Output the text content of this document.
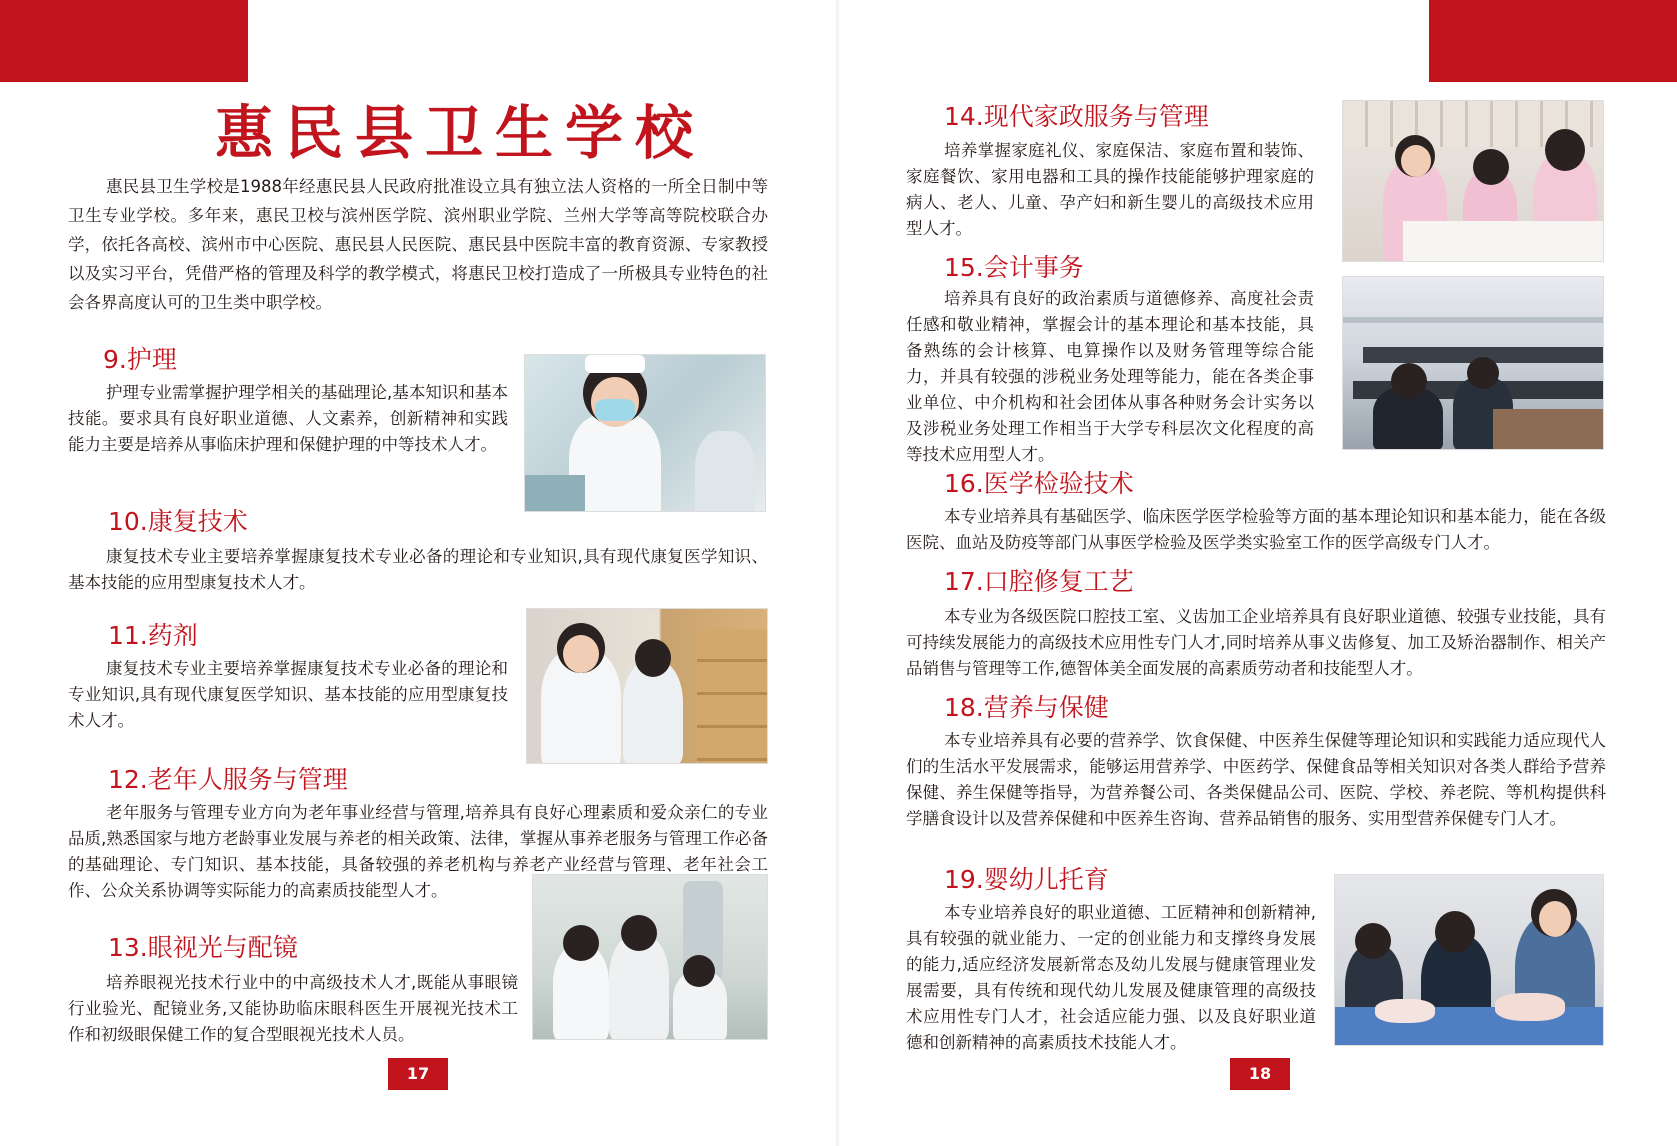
惠民县卫生学校

惠民县卫生学校是1988年经惠民县人民政府批准设立具有独立法人资格的一所全日制中等卫生专业学校。多年来，惠民卫校与滨州医学院、滨州职业学院、兰州大学等高等院校联合办学，依托各高校、滨州市中心医院、惠民县人民医院、惠民县中医院丰富的教育资源、专家教授以及实习平台，凭借严格的管理及科学的教学模式，将惠民卫校打造成了一所极具专业特色的社会各界高度认可的卫生类中职学校。

9.护理

护理专业需掌握护理学相关的基础理论,基本知识和基本技能。要求具有良好职业道德、人文素养，创新精神和实践能力主要是培养从事临床护理和保健护理的中等技术人才。

10.康复技术

康复技术专业主要培养掌握康复技术专业必备的理论和专业知识,具有现代康复医学知识、基本技能的应用型康复技术人才。

11.药剂

康复技术专业主要培养掌握康复技术专业必备的理论和专业知识,具有现代康复医学知识、基本技能的应用型康复技术人才。

12.老年人服务与管理

老年服务与管理专业方向为老年事业经营与管理,培养具有良好心理素质和爱众亲仁的专业品质,熟悉国家与地方老龄事业发展与养老的相关政策、法律，掌握从事养老服务与管理工作必备的基础理论、专门知识、基本技能，具备较强的养老机构与养老产业经营与管理、老年社会工作、公众关系协调等实际能力的高素质技能型人才。

13.眼视光与配镜

培养眼视光技术行业中的中高级技术人才,既能从事眼镜行业验光、配镜业务,又能协助临床眼科医生开展视光技术工作和初级眼保健工作的复合型眼视光技术人员。

17
14.现代家政服务与管理

培养掌握家庭礼仪、家庭保洁、家庭布置和装饰、家庭餐饮、家用电器和工具的操作技能能够护理家庭的病人、老人、儿童、孕产妇和新生婴儿的高级技术应用型人才。

15.会计事务

培养具有良好的政治素质与道德修养、高度社会责任感和敬业精神，掌握会计的基本理论和基本技能，具备熟练的会计核算、电算操作以及财务管理等综合能力，并具有较强的涉税业务处理等能力，能在各类企事业单位、中介机构和社会团体从事各种财务会计实务以及涉税业务处理工作相当于大学专科层次文化程度的高等技术应用型人才。

16.医学检验技术

本专业培养具有基础医学、临床医学医学检验等方面的基本理论知识和基本能力，能在各级医院、血站及防疫等部门从事医学检验及医学类实验室工作的医学高级专门人才。

17.口腔修复工艺

本专业为各级医院口腔技工室、义齿加工企业培养具有良好职业道德、较强专业技能，具有可持续发展能力的高级技术应用性专门人才,同时培养从事义齿修复、加工及矫治器制作、相关产品销售与管理等工作,德智体美全面发展的高素质劳动者和技能型人才。

18.营养与保健

本专业培养具有必要的营养学、饮食保健、中医养生保健等理论知识和实践能力适应现代人们的生活水平发展需求，能够运用营养学、中医药学、保健食品等相关知识对各类人群给予营养保健、养生保健等指导，为营养餐公司、各类保健品公司、医院、学校、养老院、等机构提供科学膳食设计以及营养保健和中医养生咨询、营养品销售的服务、实用型营养保健专门人才。

19.婴幼儿托育

本专业培养良好的职业道德、工匠精神和创新精神,具有较强的就业能力、一定的创业能力和支撑终身发展的能力,适应经济发展新常态及幼儿发展与健康管理业发展需要，具有传统和现代幼儿发展及健康管理的高级技术应用性专门人才，社会适应能力强、以及良好职业道德和创新精神的高素质技术技能人才。

18
